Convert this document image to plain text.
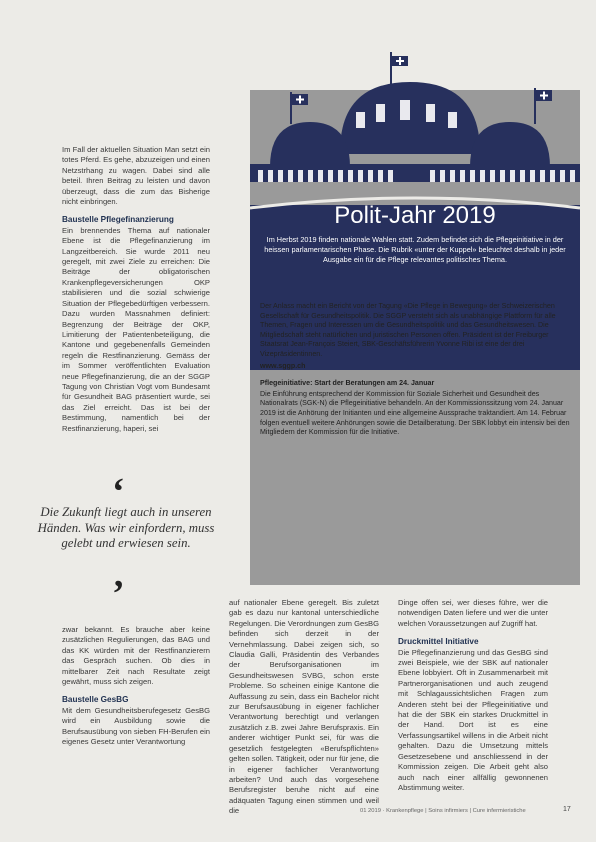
Im Fall der aktuellen Situation Man setzt ein totes Pferd. Es gehe, abzuzeigen und einen Netzstrhang zu wagen. Dabei sind alle beteil. Ihren Beitrag zu leisten und davon überzeugt, dass die zum das Bisherige nicht einbringen.

Baustelle Pflegefinanzierung

Ein brennendes Thema auf nationaler Ebene ist die Pflegefinanzierung im Langzeitbereich. Sie wurde 2011 neu geregelt, mit zwei Ziele zu erreichen: Die Beiträge der obligatorischen Krankenpflegeversicherungen OKP stabilisieren und die sozial schwierige Situation der Pflegebedürftigen verbessern. Dazu wurden Massnahmen definiert: Begrenzung der Beiträge der OKP, Limitierung der Patientenbeteiligung, die Kantone und gegebenenfalls Gemeinden regeln die Restfinanzierung. Gemäss der im Sommer veröffentlichten Evaluation neue Pflegefinanzierung, die an der SGGP Tagung von Christian Vogt vom Bundesamt für Gesundheit BAG präsentiert wurde, sei das Ziel erreicht. Das ist bei der Bestimmung, namentlich bei der Restfinanzierung, haperi, sei

‘
Die Zukunft liegt auch in unseren Händen. Was wir einfordern, muss gelebt und erwiesen sein.
’

zwar bekannt. Es brauche aber keine zusätzlichen Regulierungen, das BAG und das KK würden mit der Restfinanzierern das Gespräch suchen. Ob dies in mittelbarer Zeit nach Resultate zeigt gewährt, muss sich zeigen.

Baustelle GesBG

Mit dem Gesundheitsberufegesetz GesBG wird ein Ausbildung sowie die Berufsausübung von sieben FH-Berufen ein eigenes Gesetz unter Verantwortung

auf nationaler Ebene geregelt. Bis zuletzt gab es dazu nur kantonal unterschiedliche Regelungen. Die Verordnungen zum GesBG befinden sich derzeit in der Vernehmlassung. Dabei zeigen sich, so Claudia Galli, Präsidentin des Verbandes der Berufsorganisationen im Gesundheitswesen SVBG, schon erste Probleme. So scheinen einige Kantone die Auffassung zu sein, dass ein Bachelor nicht zur Berufsausübung in eigener fachlicher Verantwortung berechtigt und verlangen zusätzlich z.B. zwei Jahre Berufspraxis. Ein anderer wichtiger Punkt sei, für was die gesetzlich festgelegten «Berufspflichten» gelten sollen. Tätigkeit, oder nur für jene, die in eigener fachlicher Verantwortung arbeiten? Und auch das vorgesehene Berufsregister beruhe nicht auf eine adäquaten Tagung einen stimmen und weil die

Dinge offen sei, wer dieses führe, wer die notwendigen Daten liefere und wer die unter welchen Voraussetzungen auf Zugriff hat.

Druckmittel Initiative

Die Pflegefinanzierung und das GesBG sind zwei Beispiele, wie der SBK auf nationaler Ebene lobbyiert. Oft in Zusammenarbeit mit Partnerorganisationen und auch zeugend mit Schlagaussichtslichen Fragen zum Anderen steht bei der Pflegeinitiative und hat die der SBK ein starkes Druckmittel in der Hand. Dort ist es eine Verfassungsartikel willens in die Arbeit nicht gehalten. Dazu die Umsetzung mittels Gesetzesebene und anschliessend in der Kommission zeigen. Die Arbeit geht also auch nach einer allfällig gewonnenen Abstimmung weiter.

Polit-Jahr 2019
Im Herbst 2019 finden nationale Wahlen statt. Zudem befindet sich die Pflegeinitiative in der heissen parlamentarischen Phase. Die Rubrik «unter der Kuppel» beleuchtet deshalb in jeder Ausgabe ein für die Pflege relevantes politisches Thema.

Der Anlass macht ein Bericht von der Tagung «Die Pflege in Bewegung» der Schweizerischen Gesellschaft für Gesundheitspolitik. Die SGGP versteht sich als unabhängige Plattform für alle Themen, Fragen und Interessen um die Gesundheitspolitik und das Gesundheitswesen. Die Mitgliedschaft steht natürlichen und juristischen Personen offen. Präsident ist der Freiburger Staatsrat Jean-François Steiert, SBK-Geschäftsführerin Yvonne Ribi ist eine der drei Vizepräsidentinnen.

www.sggp.ch

Pflegeinitiative: Start der Beratungen am 24. Januar

Die Einführung entsprechend der Kommission für Soziale Sicherheit und Gesundheit des Nationalrats (SGK-N) die Pflegeinitiative behandeln. An der Kommissionssitzung vom 24. Januar 2019 ist die Anhörung der Initianten und eine allgemeine Aussprache traktandiert. Am 14. Februar folgen eventuell weitere Anhörungen sowie die Detailberatung. Der SBK lobbyt ein intensiv bei den Mitgliedern der Kommission für die Initiative.

01 2019 · Krankenpflege | Soins infirmiers | Cure infermieristiche	17
